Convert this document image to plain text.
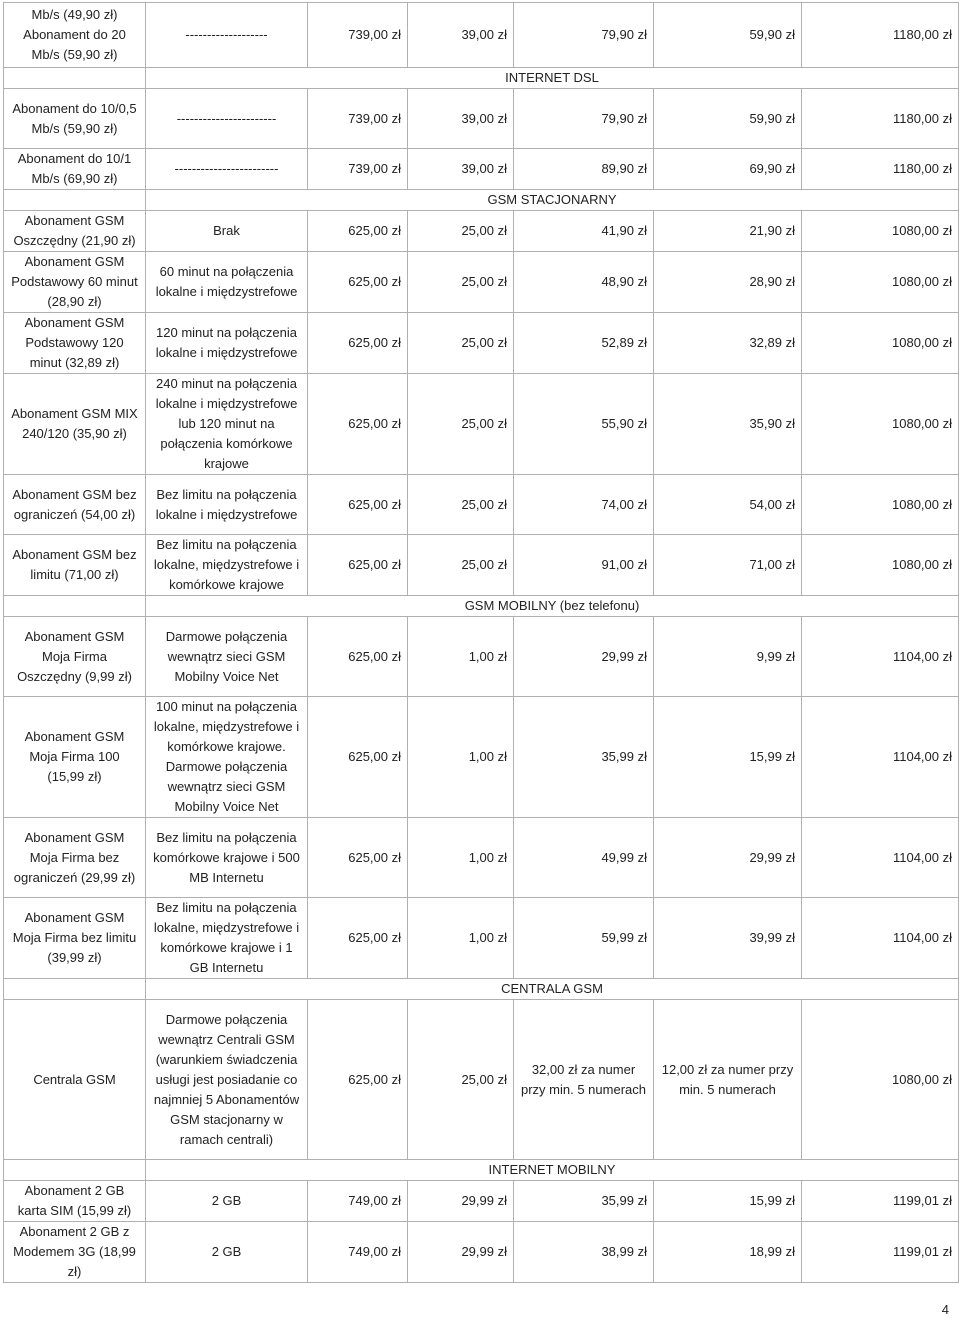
Mb/s (49,90 zł)
Abonament do 20 Mb/s (59,90 zł)	-------------------	739,00 zł	39,00 zł	79,90 zł	59,90 zł	1180,00 zł
	INTERNET DSL					
Abonament do 10/0,5 Mb/s (59,90 zł)	-----------------------	739,00 zł	39,00 zł	79,90 zł	59,90 zł	1180,00 zł
Abonament do 10/1 Mb/s (69,90 zł)	------------------------	739,00 zł	39,00 zł	89,90 zł	69,90 zł	1180,00 zł
	GSM STACJONARNY					
Abonament GSM Oszczędny (21,90 zł)	Brak	625,00 zł	25,00 zł	41,90 zł	21,90 zł	1080,00 zł
Abonament GSM Podstawowy 60 minut (28,90 zł)	60 minut na połączenia lokalne i międzystrefowe	625,00 zł	25,00 zł	48,90 zł	28,90 zł	1080,00 zł
Abonament GSM Podstawowy 120 minut (32,89 zł)	120 minut na połączenia lokalne i międzystrefowe	625,00 zł	25,00 zł	52,89 zł	32,89 zł	1080,00 zł
Abonament GSM MIX 240/120 (35,90 zł)	240 minut na połączenia lokalne i międzystrefowe lub 120 minut na połączenia komórkowe krajowe	625,00 zł	25,00 zł	55,90 zł	35,90 zł	1080,00 zł
Abonament GSM bez ograniczeń (54,00 zł)	Bez limitu na połączenia lokalne i międzystrefowe	625,00 zł	25,00 zł	74,00 zł	54,00 zł	1080,00 zł
Abonament GSM bez limitu (71,00 zł)	Bez limitu na połączenia lokalne, międzystrefowe i komórkowe krajowe	625,00 zł	25,00 zł	91,00 zł	71,00 zł	1080,00 zł
	GSM MOBILNY (bez telefonu)					
Abonament GSM Moja Firma Oszczędny (9,99 zł)	Darmowe połączenia wewnątrz sieci GSM Mobilny Voice Net	625,00 zł	1,00 zł	29,99 zł	9,99 zł	1104,00 zł
Abonament GSM Moja Firma 100 (15,99 zł)	100 minut na połączenia lokalne, międzystrefowe i komórkowe krajowe. Darmowe połączenia wewnątrz sieci GSM Mobilny Voice Net	625,00 zł	1,00 zł	35,99 zł	15,99 zł	1104,00 zł
Abonament GSM Moja Firma bez ograniczeń (29,99 zł)	Bez limitu na połączenia komórkowe krajowe i 500 MB Internetu	625,00 zł	1,00 zł	49,99 zł	29,99 zł	1104,00 zł
Abonament GSM Moja Firma bez limitu (39,99 zł)	Bez limitu na połączenia lokalne, międzystrefowe i komórkowe krajowe i 1 GB Internetu	625,00 zł	1,00 zł	59,99 zł	39,99 zł	1104,00 zł
	CENTRALA GSM					
Centrala GSM	Darmowe połączenia wewnątrz Centrali GSM (warunkiem świadczenia usługi jest posiadanie co najmniej 5 Abonamentów GSM stacjonarny w ramach centrali)	625,00 zł	25,00 zł	32,00 zł za numer przy min. 5 numerach	12,00 zł za numer przy min. 5 numerach	1080,00 zł
	INTERNET MOBILNY					
Abonament 2 GB karta SIM (15,99 zł)	2 GB	749,00 zł	29,99 zł	35,99 zł	15,99 zł	1199,01 zł
Abonament 2 GB z Modemem 3G (18,99 zł)	2 GB	749,00 zł	29,99 zł	38,99 zł	18,99 zł	1199,01 zł
4
